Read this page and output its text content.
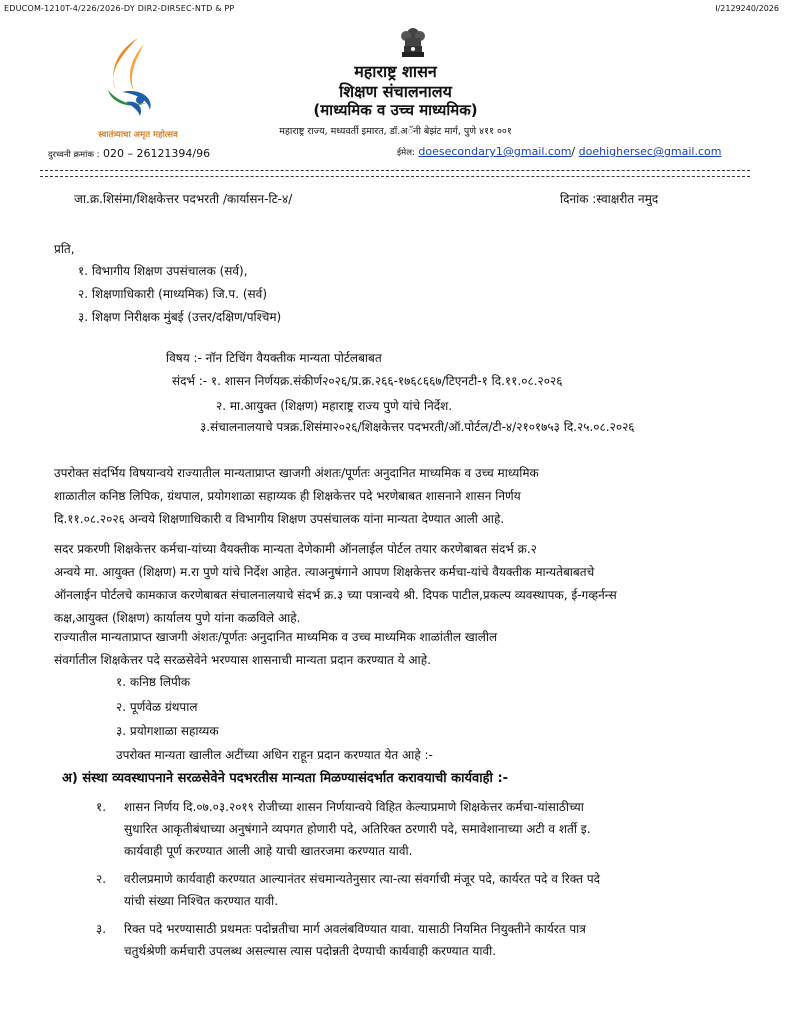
EDUCOM-1210T-4/226/2026-DY DIR2-DIRSEC-NTD & PP	I/2129240/2026
स्वातंत्र्याचा अमृत महोत्सव
महाराष्ट्र शासन
शिक्षण संचालनालय
(माध्यमिक व उच्च माध्यमिक)
महाराष्ट्र राज्य, मध्यवर्ती इमारत, डॉ.अॅनी बेझंट मार्ग, पुणे ४११ ००१
दुरध्वनी क्रमांक : 020 – 26121394/96	ईमेल: doesecondary1@gmail.com/ doehighersec@gmail.com
जा.क्र.शिसंमा/शिक्षकेत्तर पदभरती /कार्यासन-टि-४/	दिनांक :स्वाक्षरीत नमुद
प्रति,
१. विभागीय शिक्षण उपसंचालक (सर्व),
२. शिक्षणाधिकारी (माध्यमिक) जि.प. (सर्व)
३. शिक्षण निरीक्षक मुंबई (उत्तर/दक्षिण/पश्चिम)
विषय :- नॉन टिचिंग वैयक्तीक मान्यता पोर्टलबाबत
संदर्भ :- १. शासन निर्णयक्र.संकीर्ण२०२६/प्र.क्र.२६६-१७६८६६७/टिएनटी-१ दि.११.०८.२०२६
२. मा.आयुक्त (शिक्षण) महाराष्ट्र राज्य पुणे यांचे निर्देश.
३.संचालनालयाचे पत्रक्र.शिसंमा२०२६/शिक्षकेत्तर पदभरती/ऑ.पोर्टल/टी-४/२१०१७५३ दि.२५.०८.२०२६
उपरोक्त संदर्भिय विषयान्वये राज्यातील मान्यताप्राप्त खाजगी अंशतः/पूर्णतः अनुदानित माध्यमिक व उच्च माध्यमिक
शाळातील कनिष्ठ लिपिक, ग्रंथपाल, प्रयोगशाळा सहाय्यक ही शिक्षकेत्तर पदे भरणेबाबत शासनाने शासन निर्णय
दि.११.०८.२०२६ अन्वये शिक्षणाधिकारी व विभागीय शिक्षण उपसंचालक यांना मान्यता देण्यात आली आहे.
सदर प्रकरणी शिक्षकेत्तर कर्मचा-यांच्या वैयक्तीक मान्यता देणेकामी ऑनलाईल पोर्टल तयार करणेबाबत संदर्भ क्र.२
अन्वये मा. आयुक्त (शिक्षण) म.रा पुणे यांचे निर्देश आहेत. त्याअनुषंगाने आपण शिक्षकेत्तर कर्मचा-यांचे वैयक्तीक मान्यतेबाबतचे
ऑनलाईन पोर्टलचे कामकाज करणेबाबत संचालनालयाचे संदर्भ क्र.३ च्या पत्रान्वये श्री. दिपक पाटील,प्रकल्प व्यवस्थापक, ई-गव्हर्नन्स
कक्ष,आयुक्त (शिक्षण) कार्यालय पुणे यांना कळविले आहे.
राज्यातील मान्यताप्राप्त खाजगी अंशतः/पूर्णतः अनुदानित माध्यमिक व उच्च माध्यमिक शाळांतील खालील
संवर्गातील शिक्षकेत्तर पदे सरळसेवेने भरण्यास शासनाची मान्यता प्रदान करण्यात ये आहे.
१. कनिष्ठ लिपीक
२. पूर्णवेळ ग्रंथपाल
३. प्रयोगशाळा सहाय्यक
उपरोक्त मान्यता खालील अटींच्या अधिन राहून प्रदान करण्यात येत आहे :-
अ) संस्था व्यवस्थापनाने सरळसेवेने पदभरतीस मान्यता मिळण्यासंदर्भात करावयाची कार्यवाही :-
१. शासन निर्णय दि.०७.०३.२०१९ रोजीच्या शासन निर्णयान्वये विहित केल्याप्रमाणे शिक्षकेत्तर कर्मचा-यांसाठीच्या
सुधारित आकृतीबंधाच्या अनुषंगाने व्यपगत होणारी पदे, अतिरिक्त ठरणारी पदे, समावेशानाच्या अटी व शर्ती इ.
कार्यवाही पूर्ण करण्यात आली आहे याची खातरजमा करण्यात यावी.
२. वरीलप्रमाणे कार्यवाही करण्यात आल्यानंतर संचमान्यतेनुसार त्या-त्या संवर्गाची मंजूर पदे, कार्यरत पदे व रिक्त पदे
यांची संख्या निश्चित करण्यात यावी.
३. रिक्त पदे भरण्यासाठी प्रथमतः पदोन्नतीचा मार्ग अवलंबविण्यात यावा. यासाठी नियमित नियुक्तीने कार्यरत पात्र
चतुर्थश्रेणी कर्मचारी उपलब्ध असल्यास त्यास पदोन्नती देण्याची कार्यवाही करण्यात यावी.
